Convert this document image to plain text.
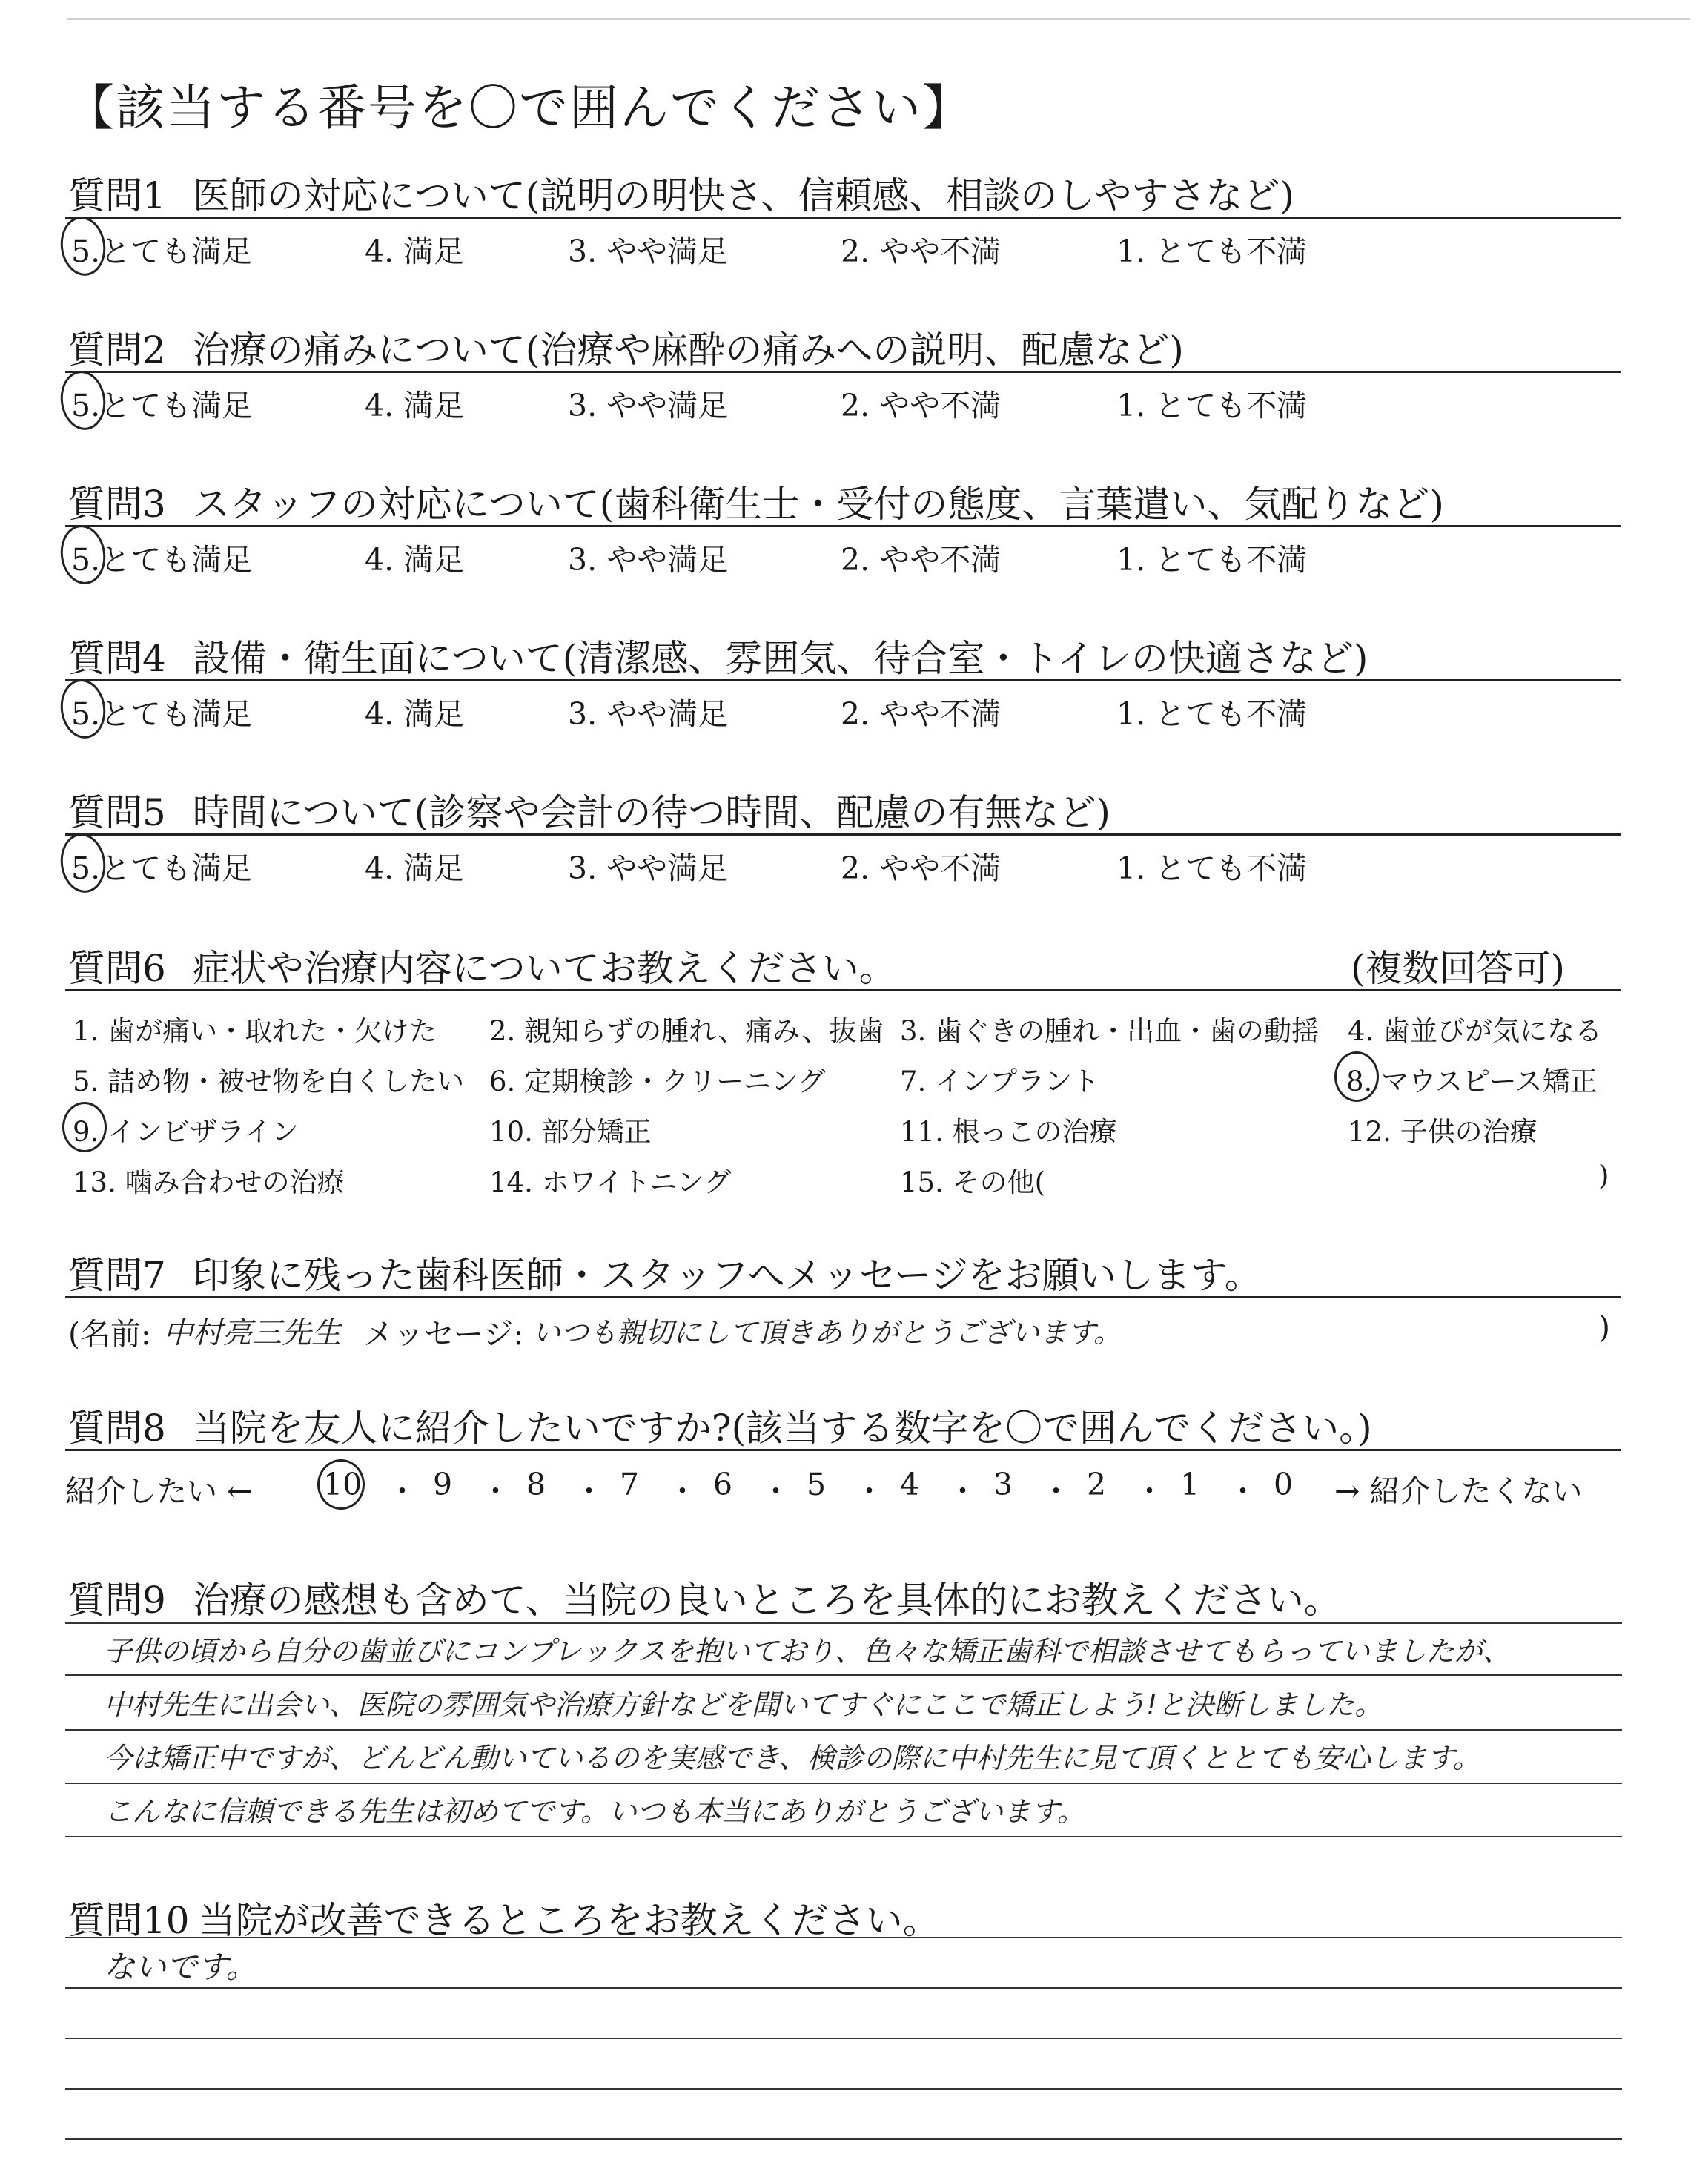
【該当する番号を〇で囲んでください】
質問1 医師の対応について(説明の明快さ、信頼感、相談のしやすさなど)
5.とても満足	4. 満足	3. やや満足	2. やや不満	1. とても不満
質問2 治療の痛みについて(治療や麻酔の痛みへの説明、配慮など)
5.とても満足	4. 満足	3. やや満足	2. やや不満	1. とても不満
質問3 スタッフの対応について(歯科衛生士・受付の態度、言葉遣い、気配りなど)
5.とても満足	4. 満足	3. やや満足	2. やや不満	1. とても不満
質問4 設備・衛生面について(清潔感、雰囲気、待合室・トイレの快適さなど)
5.とても満足	4. 満足	3. やや満足	2. やや不満	1. とても不満
質問5 時間について(診察や会計の待つ時間、配慮の有無など)
5.とても満足	4. 満足	3. やや満足	2. やや不満	1. とても不満
質問6 症状や治療内容についてお教えください。	(複数回答可)
1. 歯が痛い・取れた・欠けた 2. 親知らずの腫れ、痛み、抜歯 3. 歯ぐきの腫れ・出血・歯の動揺 4. 歯並びが気になる
5. 詰め物・被せ物を白くしたい 6. 定期検診・クリーニング	7. インプラント	8. マウスピース矯正
9. インビザライン	10. 部分矯正	11. 根っこの治療	12. 子供の治療
13. 噛み合わせの治療	14. ホワイトニング	15. その他(	)
質問7 印象に残った歯科医師・スタッフへメッセージをお願いします。
(名前: 中村亮三先生 メッセージ: いつも親切にして頂きありがとうございます。	)
質問8 当院を友人に紹介したいですか?(該当する数字を〇で囲んでください。)
紹介したい ← 10 ・ 9 ・ 8 ・ 7 ・ 6 ・ 5 ・ 4 ・ 3 ・ 2 ・ 1 ・ 0 → 紹介したくない
質問9 治療の感想も含めて、当院の良いところを具体的にお教えください。
子供の頃から自分の歯並びにコンプレックスを抱いており、色々な矯正歯科で相談させてもらっていましたが、
中村先生に出会い、医院の雰囲気や治療方針などを聞いてすぐにここで矯正しよう!と決断しました。
今は矯正中ですが、どんどん動いているのを実感でき、検診の際に中村先生に見て頂くととても安心します。
こんなに信頼できる先生は初めてです。いつも本当にありがとうございます。
質問10 当院が改善できるところをお教えください。
ないです。
